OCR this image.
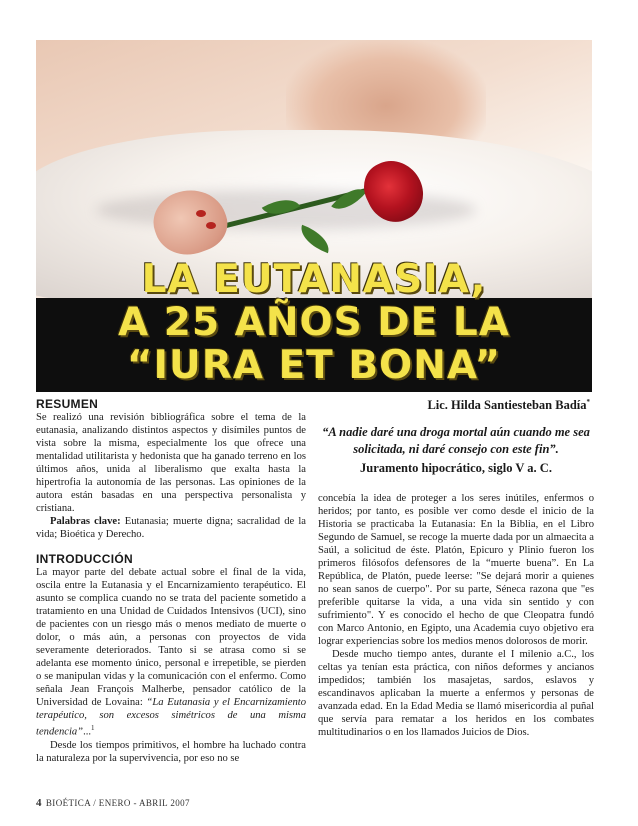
LA EUTANASIA,
A 25 AÑOS DE LA
“IURA ET BONA”
Lic. Hilda Santiesteban Badía*
“A nadie daré una droga mortal aún cuando me sea solicitada, ni daré consejo con este fin”.
Juramento hipocrático, siglo V a. C.
RESUMEN

Se realizó una revisión bibliográfica sobre el tema de la eutanasia, analizando distintos aspectos y disímiles puntos de vista sobre la misma, especialmente los que ofrece una mentalidad utilitarista y hedonista que ha ganado terreno en los últimos años, unida al liberalismo que exalta hasta la hipertrofia la autonomía de las personas. Las opiniones de la autora están basadas en una perspectiva personalista y cristiana.

Palabras clave: Eutanasia; muerte digna; sacralidad de la vida; Bioética y Derecho.

INTRODUCCIÓN

La mayor parte del debate actual sobre el final de la vida, oscila entre la Eutanasia y el Encarnizamiento terapéutico. El asunto se complica cuando no se trata del paciente sometido a tratamiento en una Unidad de Cuidados Intensivos (UCI), sino de pacientes con un riesgo más o menos mediato de muerte o dolor, o más aún, a personas con proyectos de vida severamente deteriorados. Tanto si se atrasa como si se adelanta ese momento único, personal e irrepetible, se pierden o se manipulan vidas y la comunicación con el enfermo. Como señala Jean François Malherbe, pensador católico de la Universidad de Lovaina: “La Eutanasia y el Encarnizamiento terapéutico, son excesos simétricos de una misma tendencia”...$^1$

Desde los tiempos primitivos, el hombre ha luchado contra la naturaleza por la supervivencia, por eso no se

concebía la idea de proteger a los seres inútiles, enfermos o heridos; por tanto, es posible ver como desde el inicio de la Historia se practicaba la Eutanasia: En la Biblia, en el Libro Segundo de Samuel, se recoge la muerte dada por un almaecita a Saúl, a solicitud de éste. Platón, Epicuro y Plinio fueron los primeros filósofos defensores de la “muerte buena”. En La República, de Platón, puede leerse: "Se dejará morir a quienes no sean sanos de cuerpo". Por su parte, Séneca razona que "es preferible quitarse la vida, a una vida sin sentido y con sufrimiento". Y es conocido el hecho de que Cleopatra fundó con Marco Antonio, en Egipto, una Academia cuyo objetivo era lograr experiencias sobre los medios menos dolorosos de morir.

Desde mucho tiempo antes, durante el I milenio a.C., los celtas ya tenían esta práctica, con niños deformes y ancianos impedidos; también los masajetas, sardos, eslavos y escandinavos aplicaban la muerte a enfermos y personas de avanzada edad. En la Edad Media se llamó misericordia al puñal que servía para rematar a los heridos en los combates multitudinarios o en los llamados Juicios de Dios.

4 BIOÉTICA / ENERO - ABRIL 2007
